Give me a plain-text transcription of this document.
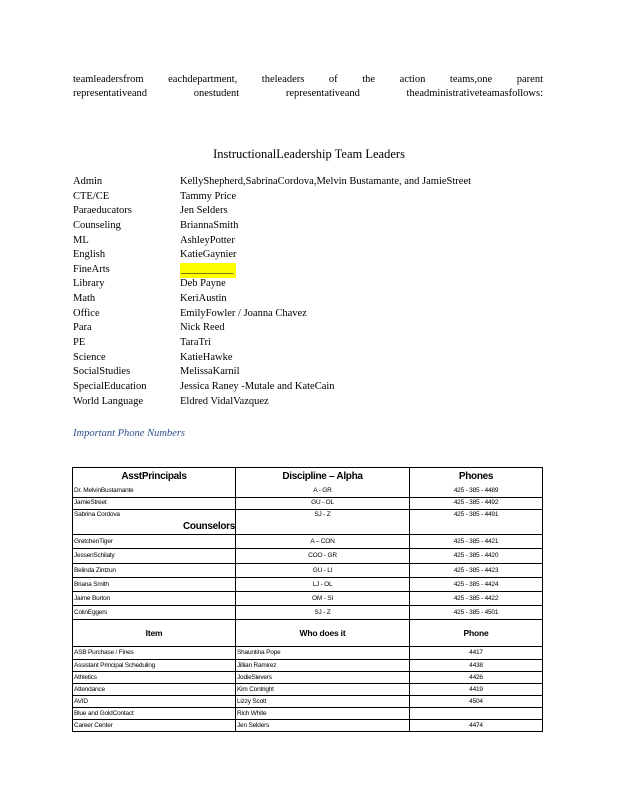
teamleadersfrom eachdepartment, theleaders of the action teams,one parent

representativeand onestudent representativeand theadministrativeteamasfollows:

InstructionalLeadership Team Leaders
Admin	KellyShepherd,SabrinaCordova,Melvin Bustamante, and JamieStreet
CTE/CE	Tammy Price
Paraeducators	Jen Selders
Counseling	BriannaSmith
ML	AshleyPotter
English	KatieGaynier
FineArts	__________
Library	Deb Payne
Math	KeriAustin
Office	EmilyFowler / Joanna Chavez
Para	Nick Reed
PE	TaraTri
Science	KatieHawke
SocialStudies	MelissaKarnil
SpecialEducation	Jessica Raney -Mutale and KateCain
World Language	Eldred VidalVazquez
Important Phone Numbers
AsstPrincipals	Discipline – Alpha	Phones
Dr. MelvinBustamante	A - GR	425 - 385 - 4489
JamieStreet	GU - OL	425 - 385 - 4492
Sabrina Cordova	SJ - Z	425 - 385 - 4491
Counselors		
GretchenTiger	A – CON	425 - 385 - 4421
JessenSchilaty	COO - GR	425 - 385 - 4420
Belinda Zintzun	GU - LI	425 - 385 - 4423
Briana Smith	LJ - OL	425 - 385 - 4424
Jaime Burton	OM - SI	425 - 385 - 4422
ColinEggers	SJ - Z	425 - 385 - 4501
Item	Who does it	Phone
ASB Purchase / Fines	Shauntina Pope	4417
Assistant Principal Scheduling	Jillian Ramirez	4438
Athletics	JodieSievers	4426
Attendance	Kim Contright	4419
AVID	Lizzy Scott	4504
Blue and GoldContact	Rich White	
Career Center	Jen Selders	4474
